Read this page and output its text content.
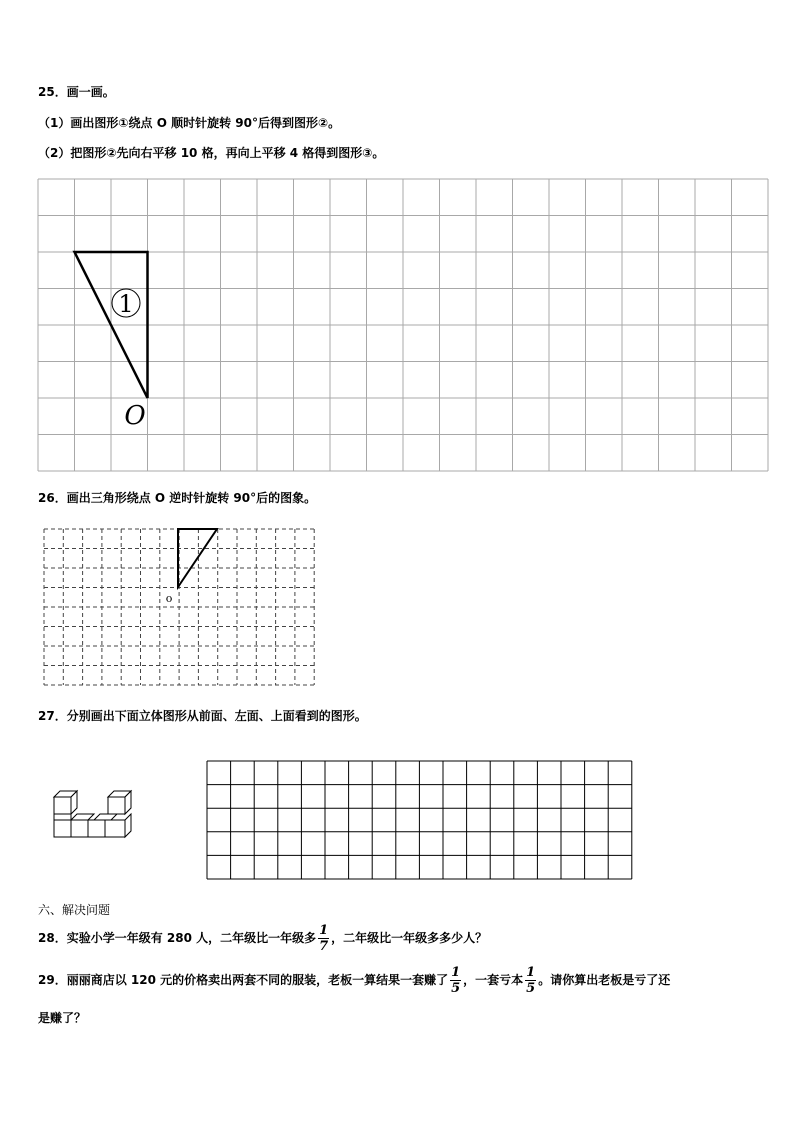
25．画一画。
（1）画出图形①绕点 O 顺时针旋转 90°后得到图形②。
（2）把图形②先向右平移 10 格，再向上平移 4 格得到图形③。
1
O
26．画出三角形绕点 O 逆时针旋转 90°后的图象。
o
27．分别画出下面立体图形从前面、左面、上面看到的图形。
六、解决问题
28．实验小学一年级有 280 人，二年级比一年级多 $\frac{1}{7}$ ，二年级比一年级多多少人？
29．丽丽商店以 120 元的价格卖出两套不同的服装，老板一算结果一套赚了 $\frac{1}{5}$ ，一套亏本 $\frac{1}{5}$ 。请你算出老板是亏了还
是赚了？
